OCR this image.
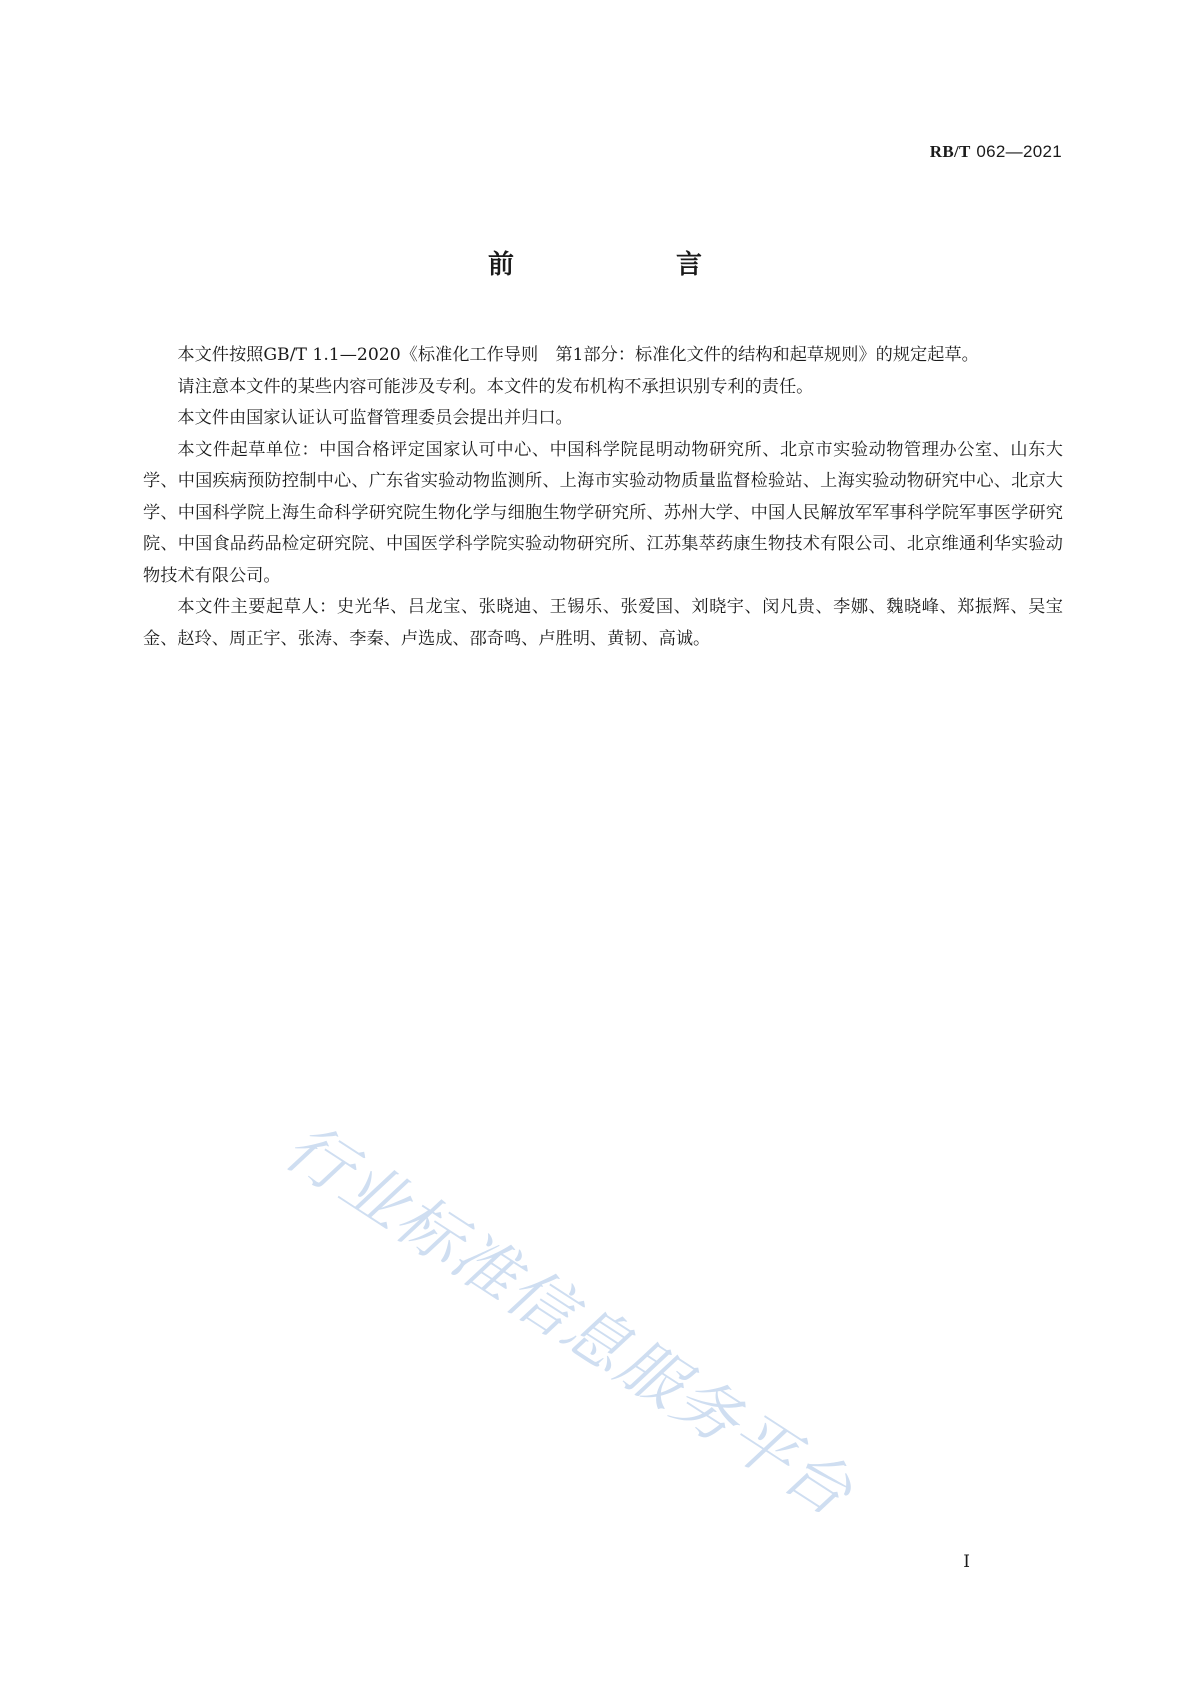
RB/T 062—2021
前　言

本文件按照GB/T 1.1—2020《标准化工作导则　第1部分：标准化文件的结构和起草规则》的规定起草。

请注意本文件的某些内容可能涉及专利。本文件的发布机构不承担识别专利的责任。

本文件由国家认证认可监督管理委员会提出并归口。

本文件起草单位：中国合格评定国家认可中心、中国科学院昆明动物研究所、北京市实验动物管理办公室、山东大学、中国疾病预防控制中心、广东省实验动物监测所、上海市实验动物质量监督检验站、上海实验动物研究中心、北京大学、中国科学院上海生命科学研究院生物化学与细胞生物学研究所、苏州大学、中国人民解放军军事科学院军事医学研究院、中国食品药品检定研究院、中国医学科学院实验动物研究所、江苏集萃药康生物技术有限公司、北京维通利华实验动物技术有限公司。

本文件主要起草人：史光华、吕龙宝、张晓迪、王锡乐、张爱国、刘晓宇、闵凡贵、李娜、魏晓峰、郑振辉、吴宝金、赵玲、周正宇、张涛、李秦、卢选成、邵奇鸣、卢胜明、黄韧、高诚。

行业标准信息服务平台
I
